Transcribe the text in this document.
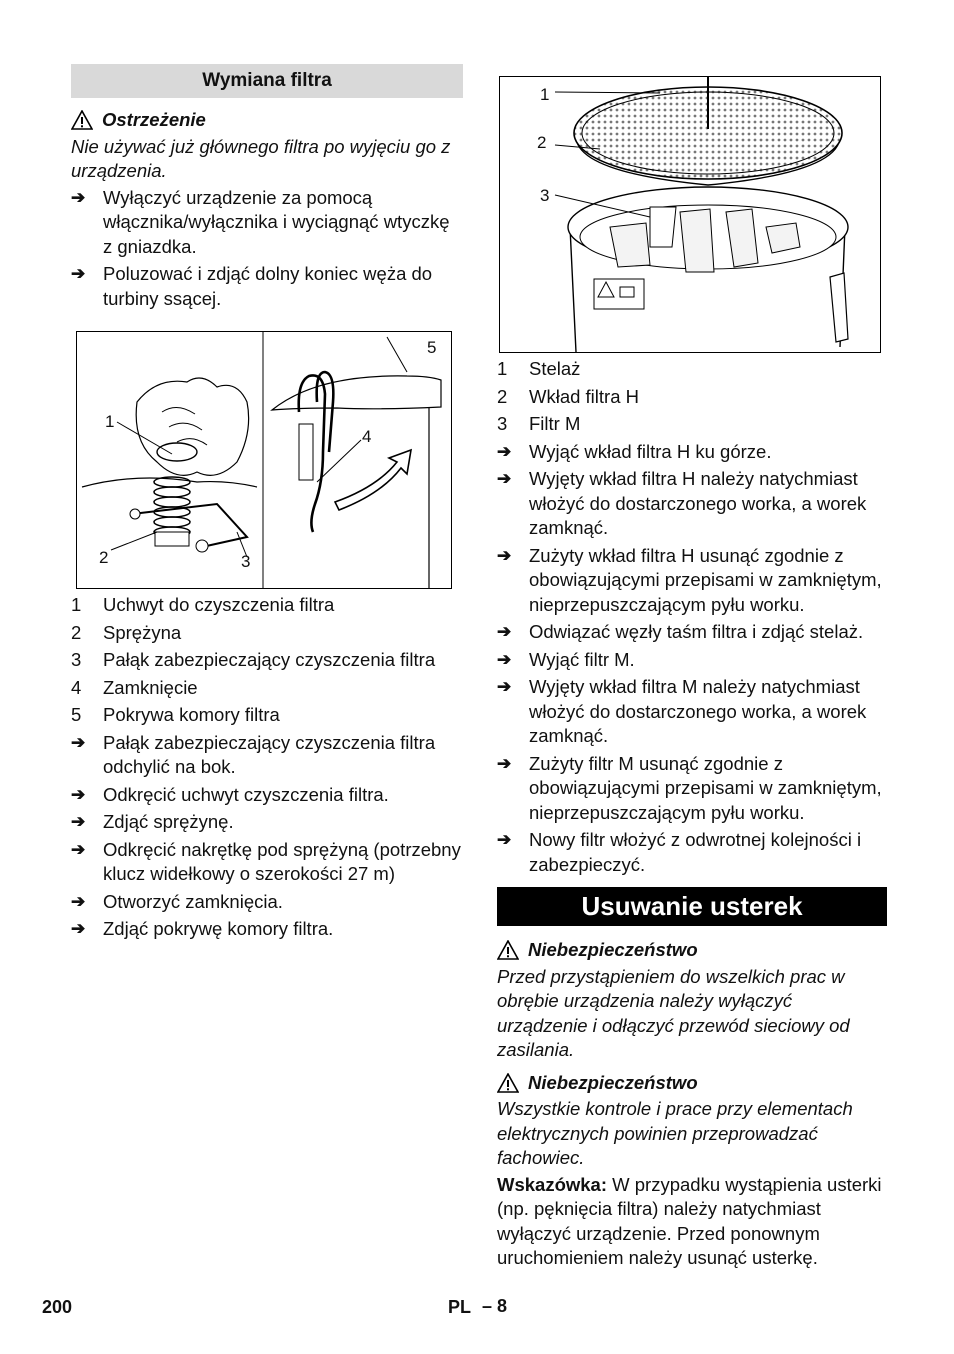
Wymiana filtra
Ostrzeżenie
Nie używać już głównego filtra po wyjęciu go z urządzenia.
➔ Wyłączyć urządzenie za pomocą włącznika/wyłącznika i wyciągnąć wtyczkę z gniazdka.
➔ Poluzować i zdjąć dolny koniec węża do turbiny ssącej.
1
2	3
4
5
1	Uchwyt do czyszczenia filtra
2	Sprężyna
3	Pałąk zabezpieczający czyszczenia filtra
4	Zamknięcie
5	Pokrywa komory filtra
➔ Pałąk zabezpieczający czyszczenia filtra odchylić na bok.
➔ Odkręcić uchwyt czyszczenia filtra.
➔ Zdjąć sprężynę.
➔ Odkręcić nakrętkę pod sprężyną (potrzebny klucz widełkowy o szerokości 27 m)
➔ Otworzyć zamknięcia.
➔ Zdjąć pokrywę komory filtra.
1
2
3
1	Stelaż
2	Wkład filtra H
3	Filtr M
➔ Wyjąć wkład filtra H ku górze.
➔ Wyjęty wkład filtra H należy natychmiast włożyć do dostarczonego worka, a worek zamknąć.
➔ Zużyty wkład filtra H usunąć zgodnie z obowiązującymi przepisami w zamkniętym, nieprzepuszczającym pyłu worku.
➔ Odwiązać węzły taśm filtra i zdjąć stelaż.
➔ Wyjąć filtr M.
➔ Wyjęty wkład filtra M należy natychmiast włożyć do dostarczonego worka, a worek zamknąć.
➔ Zużyty filtr M usunąć zgodnie z obowiązującymi przepisami w zamkniętym, nieprzepuszczającym pyłu worku.
➔ Nowy filtr włożyć z odwrotnej kolejności i zabezpieczyć.
Usuwanie usterek
Niebezpieczeństwo
Przed przystąpieniem do wszelkich prac w obrębie urządzenia należy wyłączyć urządzenie i odłączyć przewód sieciowy od zasilania.
Niebezpieczeństwo
Wszystkie kontrole i prace przy elementach elektrycznych powinien przeprowadzać fachowiec.
Wskazówka: W przypadku wystąpienia usterki (np. pęknięcia filtra) należy natychmiast wyłączyć urządzenie. Przed ponownym uruchomieniem należy usunąć usterkę.
200	PL – 8
